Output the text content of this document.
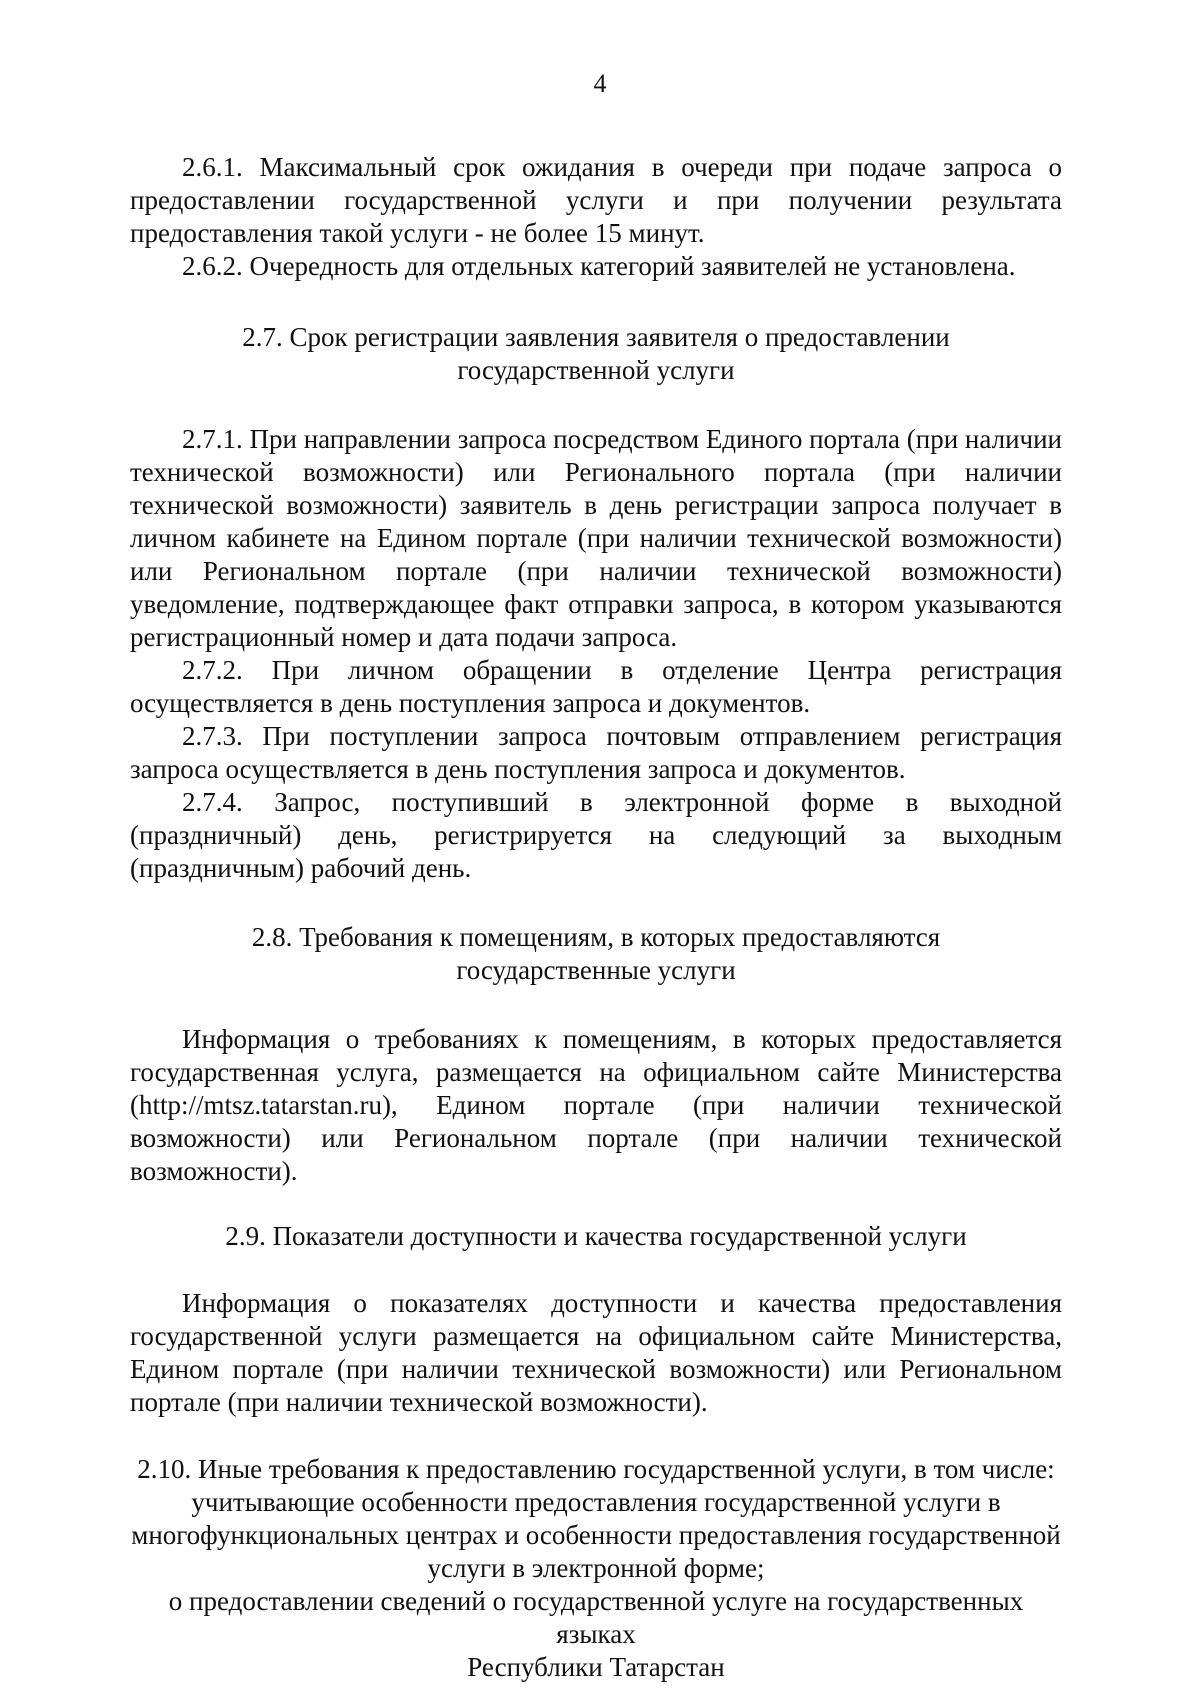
4

2.6.1. Максимальный срок ожидания в очереди при подаче запроса о предоставлении государственной услуги и при получении результата предоставления такой услуги - не более 15 минут.

2.6.2. Очередность для отдельных категорий заявителей не установлена.

2.7. Срок регистрации заявления заявителя о предоставлении
государственной услуги

2.7.1. При направлении запроса посредством Единого портала (при наличии технической возможности) или Регионального портала (при наличии технической возможности) заявитель в день регистрации запроса получает в личном кабинете на Едином портале (при наличии технической возможности) или Региональном портале (при наличии технической возможности) уведомление, подтверждающее факт отправки запроса, в котором указываются регистрационный номер и дата подачи запроса.

2.7.2. При личном обращении в отделение Центра регистрация осуществляется в день поступления запроса и документов.

2.7.3. При поступлении запроса почтовым отправлением регистрация запроса осуществляется в день поступления запроса и документов.

2.7.4. Запрос, поступивший в электронной форме в выходной (праздничный) день, регистрируется на следующий за выходным (праздничным) рабочий день.

2.8. Требования к помещениям, в которых предоставляются
государственные услуги

Информация о требованиях к помещениям, в которых предоставляется государственная услуга, размещается на официальном сайте Министерства (http://mtsz.tatarstan.ru), Едином портале (при наличии технической возможности) или Региональном портале (при наличии технической возможности).

2.9. Показатели доступности и качества государственной услуги

Информация о показателях доступности и качества предоставления государственной услуги размещается на официальном сайте Министерства, Едином портале (при наличии технической возможности) или Региональном портале (при наличии технической возможности).

2.10. Иные требования к предоставлению государственной услуги, в том числе:
учитывающие особенности предоставления государственной услуги в
многофункциональных центрах и особенности предоставления государственной
услуги в электронной форме;
о предоставлении сведений о государственной услуге на государственных языках
Республики Татарстан
